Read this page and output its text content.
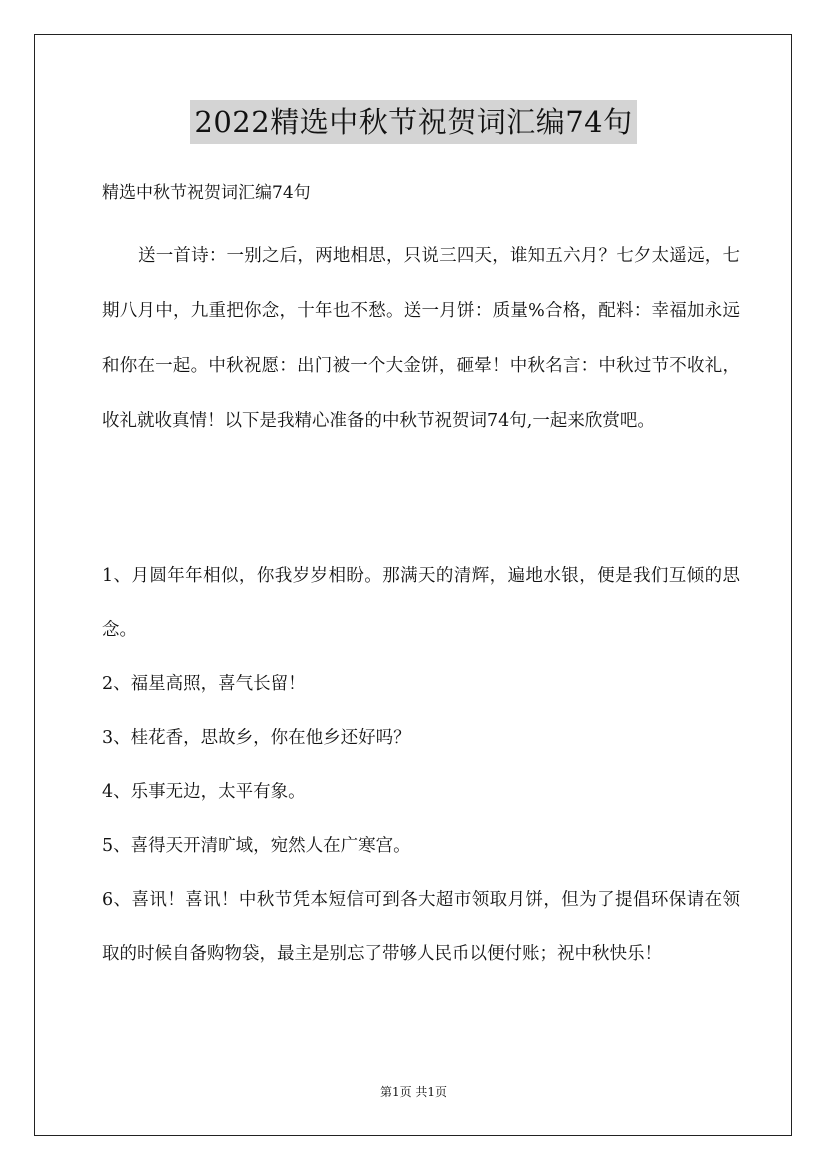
2022精选中秋节祝贺词汇编74句
精选中秋节祝贺词汇编74句

送一首诗：一别之后，两地相思，只说三四天，谁知五六月？七夕太遥远，七期八月中，九重把你念，十年也不愁。送一月饼：质量%合格，配料：幸福加永远和你在一起。中秋祝愿：出门被一个大金饼，砸晕！中秋名言：中秋过节不收礼，收礼就收真情！以下是我精心准备的中秋节祝贺词74句,一起来欣赏吧。

1、月圆年年相似，你我岁岁相盼。那满天的清辉，遍地水银，便是我们互倾的思念。

2、福星高照，喜气长留！

3、桂花香，思故乡，你在他乡还好吗？

4、乐事无边，太平有象。

5、喜得天开清旷域，宛然人在广寒宫。

6、喜讯！喜讯！中秋节凭本短信可到各大超市领取月饼，但为了提倡环保请在领取的时候自备购物袋，最主是别忘了带够人民币以便付账；祝中秋快乐！

第1页 共1页
